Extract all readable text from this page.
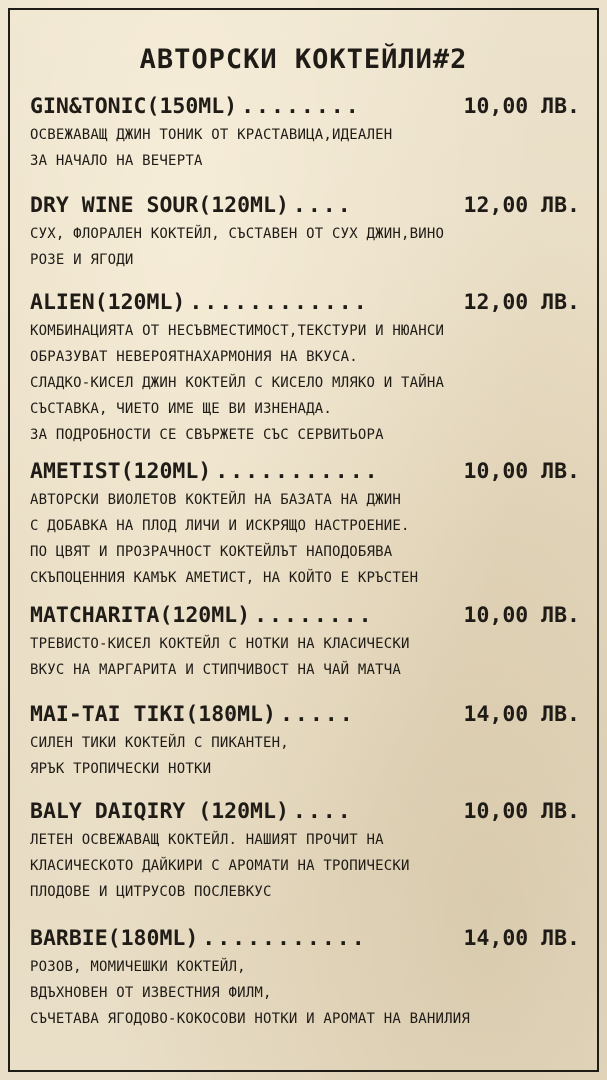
АВТОРСКИ КОКТЕЙЛИ#2
GIN&TONIC(150ML) ........	10,00 ЛВ.
ОСВЕЖАВАЩ ДЖИН ТОНИК ОТ КРАСТАВИЦА,ИДЕАЛЕН
ЗА НАЧАЛО НА ВЕЧЕРТА
DRY WINE SOUR(120ML) ....	12,00 ЛВ.
СУХ, ФЛОРАЛЕН КОКТЕЙЛ, СЪСТАВЕН ОТ СУХ ДЖИН,ВИНО
РОЗЕ И ЯГОДИ
ALIEN(120ML) ............	12,00 ЛВ.
КОМБИНАЦИЯТА ОТ НЕСЪВМЕСТИМОСТ,ТЕКСТУРИ И НЮАНСИ
ОБРАЗУВАТ НЕВЕРОЯТНАХАРМОНИЯ НА ВКУСА.
СЛАДКО-КИСЕЛ ДЖИН КОКТЕЙЛ С КИСЕЛО МЛЯКО И ТАЙНА
СЪСТАВКА, ЧИЕТО ИМЕ ЩЕ ВИ ИЗНЕНАДА.
ЗА ПОДРОБНОСТИ СЕ СВЪРЖЕТЕ СЪС СЕРВИТЬОРА
AMETIST(120ML) ...........	10,00 ЛВ.
АВТОРСКИ ВИОЛЕТОВ КОКТЕЙЛ НА БАЗАТА НА ДЖИН
С ДОБАВКА НА ПЛОД ЛИЧИ И ИСКРЯЩО НАСТРОЕНИЕ.
ПО ЦВЯТ И ПРОЗРАЧНОСТ КОКТЕЙЛЪТ НАПОДОБЯВА
СКЪПОЦЕННИЯ КАМЪК АМЕТИСТ, НА КОЙТО Е КРЪСТЕН
MATCHARITA(120ML) ........	10,00 ЛВ.
ТРЕВИСТО-КИСЕЛ КОКТЕЙЛ С НОТКИ НА КЛАСИЧЕСКИ
ВКУС НА МАРГАРИТА И СТИПЧИВОСТ НА ЧАЙ МАТЧА
MAI-TAI TIKI(180ML) .....	14,00 ЛВ.
СИЛЕН ТИКИ КОКТЕЙЛ С ПИКАНТЕН,
ЯРЪК ТРОПИЧЕСКИ НОТКИ
BALY DAIQIRY (120ML) ....	10,00 ЛВ.
ЛЕТЕН ОСВЕЖАВАЩ КОКТЕЙЛ. НАШИЯТ ПРОЧИТ НА
КЛАСИЧЕСКОТО ДАЙКИРИ С АРОМАТИ НА ТРОПИЧЕСКИ
ПЛОДОВЕ И ЦИТРУСОВ ПОСЛЕВКУС
BARBIE(180ML) ...........	14,00 ЛВ.
РОЗОВ, МОМИЧЕШКИ КОКТЕЙЛ,
ВДЪХНОВЕН ОТ ИЗВЕСТНИЯ ФИЛМ,
СЪЧЕТАВА ЯГОДОВО-КОКОСОВИ НОТКИ И АРОМАТ НА ВАНИЛИЯ
